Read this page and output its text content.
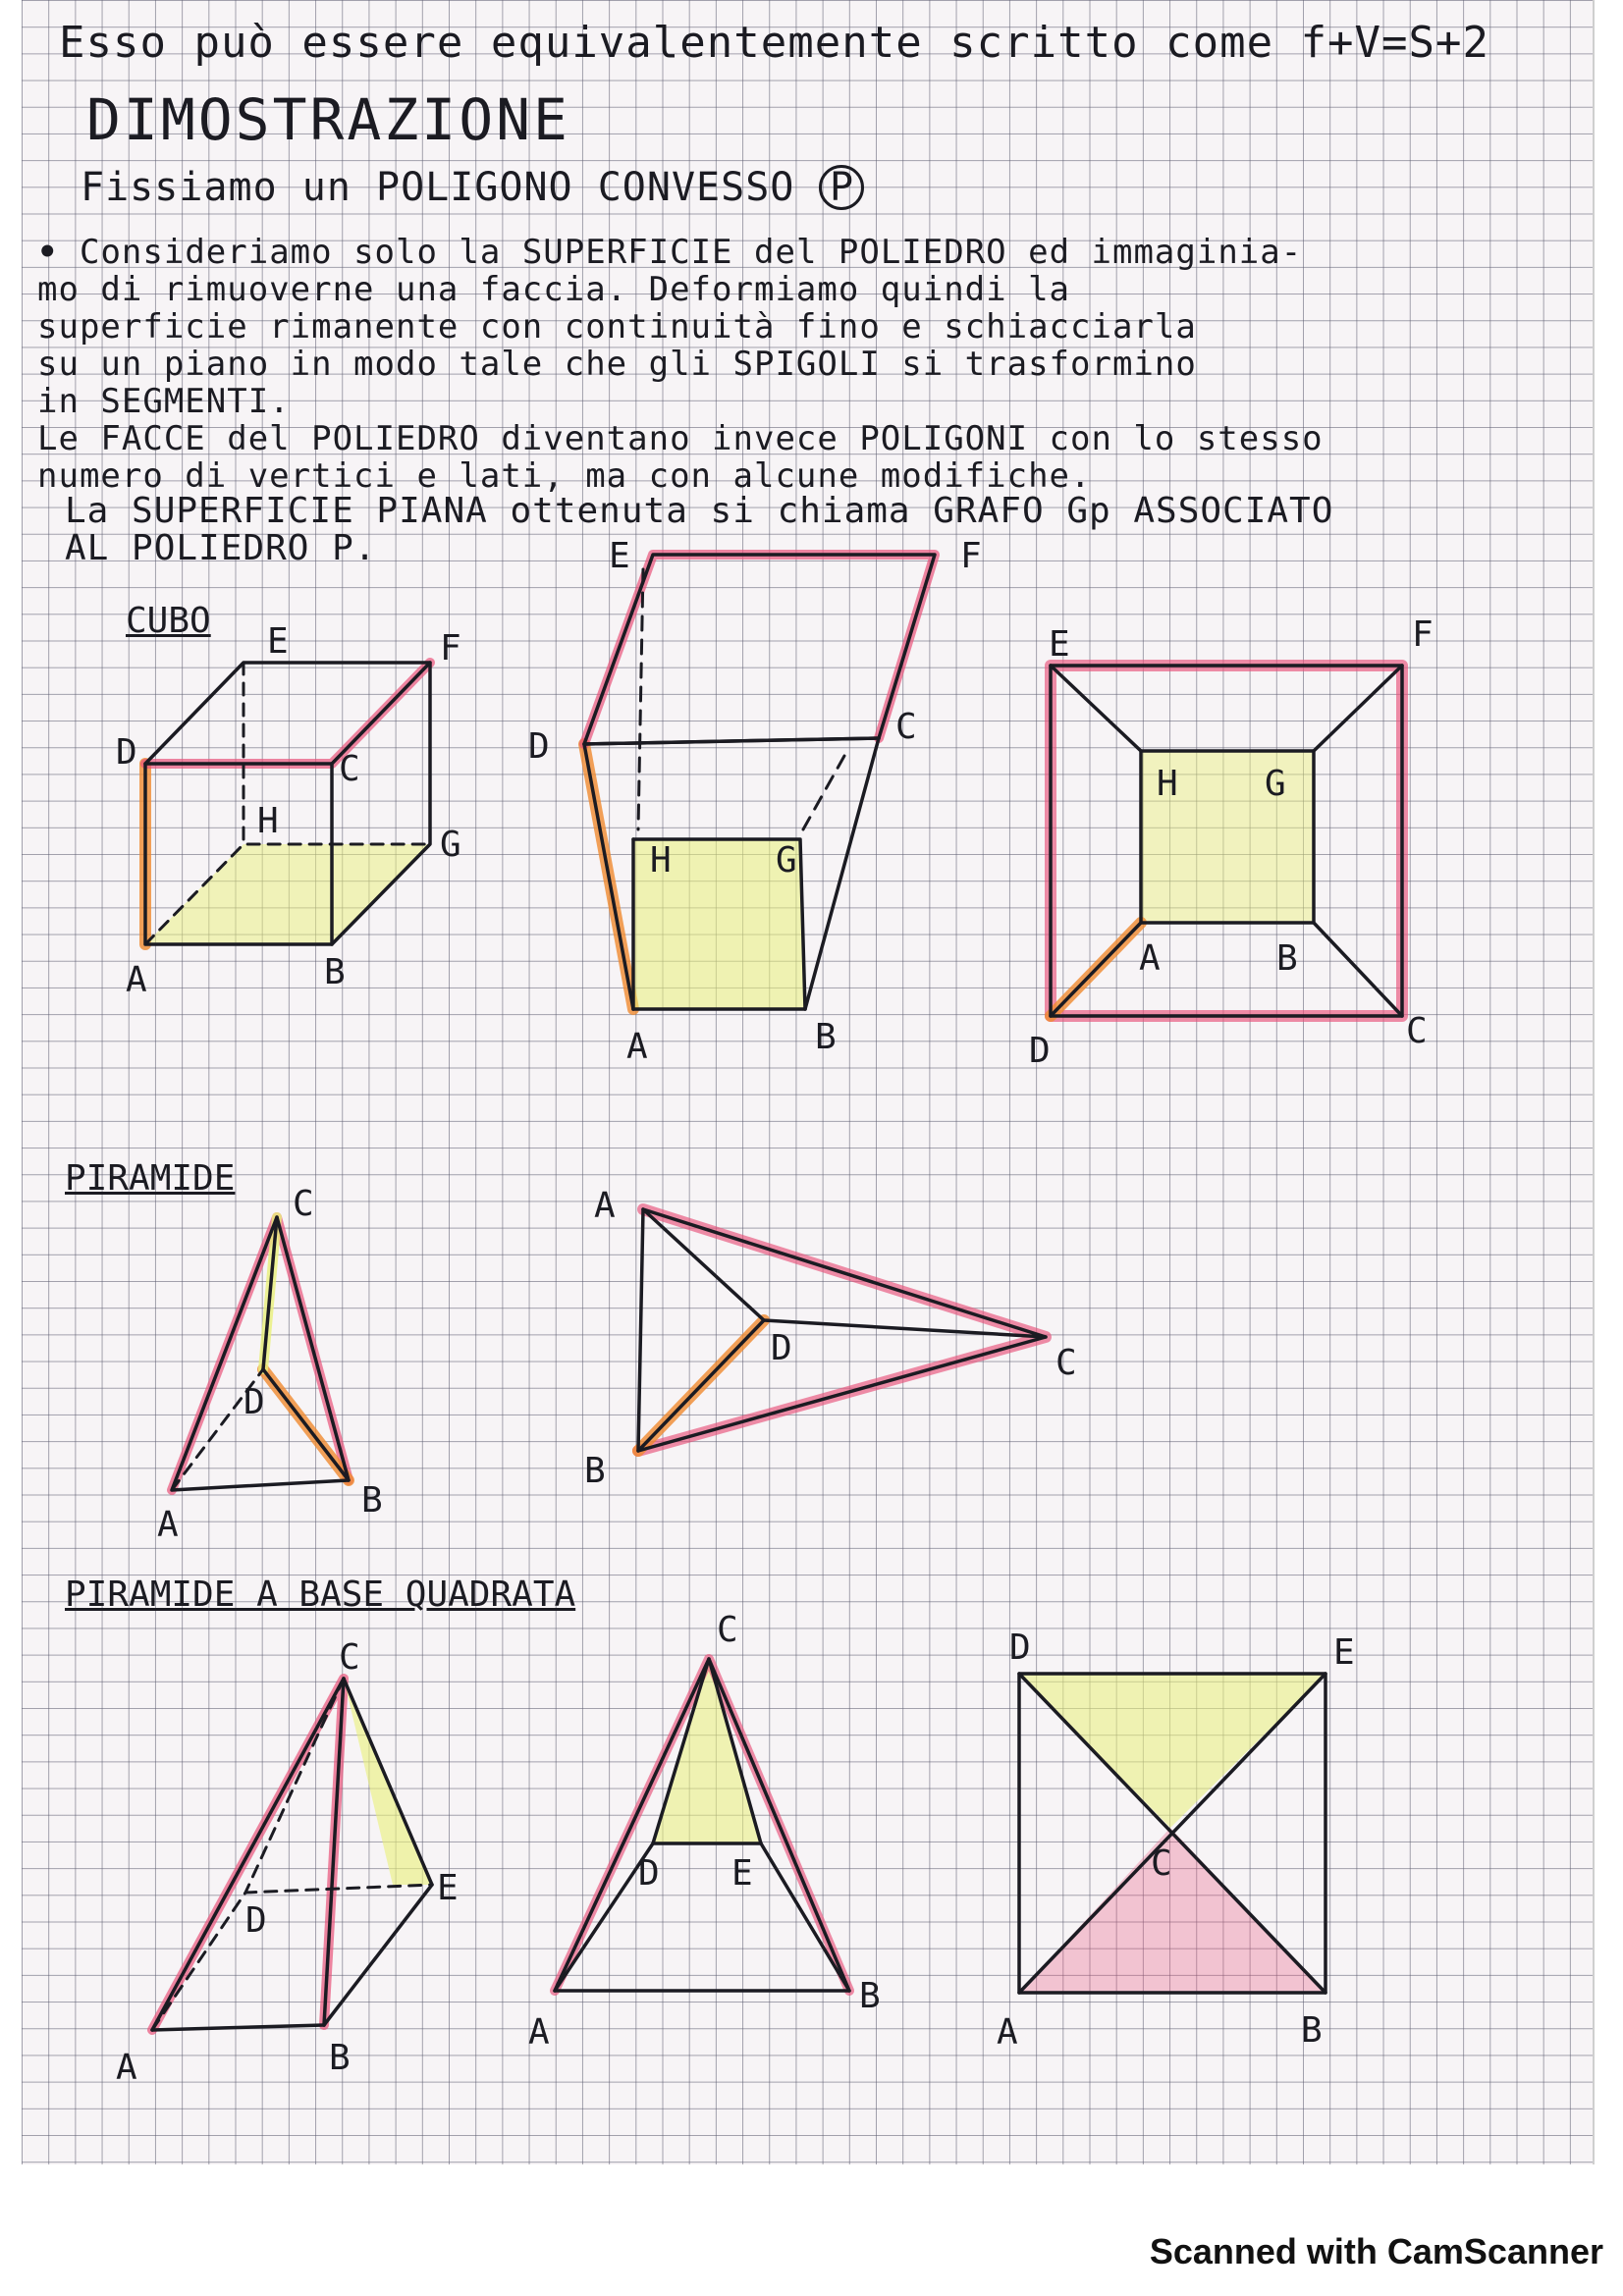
Esso può essere equivalentemente scritto come f+V=S+2

DIMOSTRAZIONE

Fissiamo un POLIGONO CONVESSO P

• Consideriamo solo la SUPERFICIE del POLIEDRO ed immaginia-
mo di rimuoverne una faccia. Deformiamo quindi la
superficie rimanente con continuità fino e schiacciarla
su un piano in modo tale che gli SPIGOLI si trasformino
in SEGMENTI.
Le FACCE del POLIEDRO diventano invece POLIGONI con lo stesso
numero di vertici e lati, ma con alcune modifiche.
La SUPERFICIE PIANA ottenuta si chiama GRAFO Gp ASSOCIATO
AL POLIEDRO P.

CUBO

PIRAMIDE

PIRAMIDE A BASE QUADRATA

A	B
C
D
E	F
G
H
A	B
C
D
E	F
G
H
A	B
C
D
E	F
G
H
A
B
C
D
A
B
C
D
A	B
C
D
E
A
B
C
D E
A	B
C
D	E
Scanned with CamScanner
